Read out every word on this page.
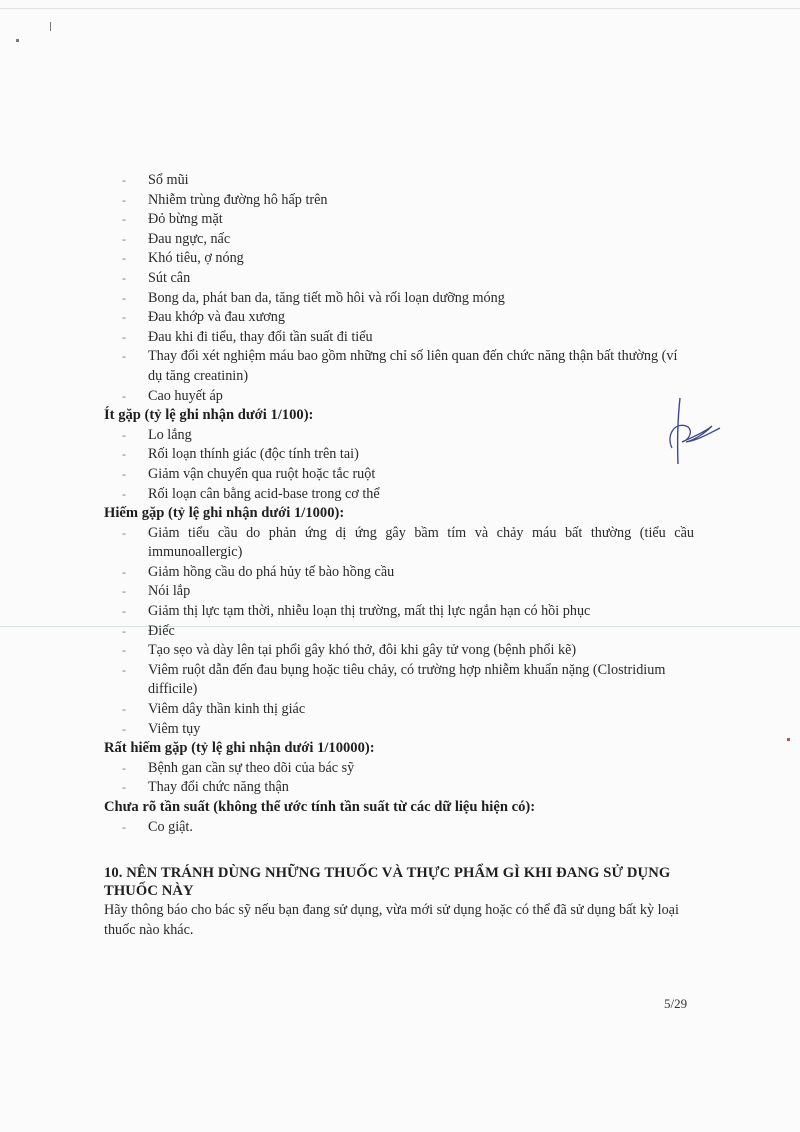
-	Sổ mũi
-	Nhiễm trùng đường hô hấp trên
-	Đỏ bừng mặt
-	Đau ngực, nấc
-	Khó tiêu, ợ nóng
-	Sút cân
-	Bong da, phát ban da, tăng tiết mồ hôi và rối loạn dưỡng móng
-	Đau khớp và đau xương
-	Đau khi đi tiểu, thay đổi tần suất đi tiểu
-	Thay đổi xét nghiệm máu bao gồm những chỉ số liên quan đến chức năng thận bất thường (ví dụ tăng creatinin)
-	Cao huyết áp
Ít gặp (tỷ lệ ghi nhận dưới 1/100):
-	Lo lắng
-	Rối loạn thính giác (độc tính trên tai)
-	Giảm vận chuyển qua ruột hoặc tắc ruột
-	Rối loạn cân bằng acid-base trong cơ thể
Hiếm gặp (tỷ lệ ghi nhận dưới 1/1000):
-	Giảm tiểu cầu do phản ứng dị ứng gây bầm tím và chảy máu bất thường (tiểu cầu immunoallergic)
-	Giảm hồng cầu do phá hủy tế bào hồng cầu
-	Nói lắp
-	Giảm thị lực tạm thời, nhiễu loạn thị trường, mất thị lực ngắn hạn có hồi phục
-	Điếc
-	Tạo sẹo và dày lên tại phổi gây khó thở, đôi khi gây tử vong (bệnh phổi kẽ)
-	Viêm ruột dẫn đến đau bụng hoặc tiêu chảy, có trường hợp nhiễm khuẩn nặng (Clostridium difficile)
-	Viêm dây thần kinh thị giác
-	Viêm tụy
Rất hiếm gặp (tỷ lệ ghi nhận dưới 1/10000):
-	Bệnh gan cần sự theo dõi của bác sỹ
-	Thay đổi chức năng thận
Chưa rõ tần suất (không thể ước tính tần suất từ các dữ liệu hiện có):
-	Co giật.
10. NÊN TRÁNH DÙNG NHỮNG THUỐC VÀ THỰC PHẨM GÌ KHI ĐANG SỬ DỤNG THUỐC NÀY
Hãy thông báo cho bác sỹ nếu bạn đang sử dụng, vừa mới sử dụng hoặc có thể đã sử dụng bất kỳ loại thuốc nào khác.
5/29
